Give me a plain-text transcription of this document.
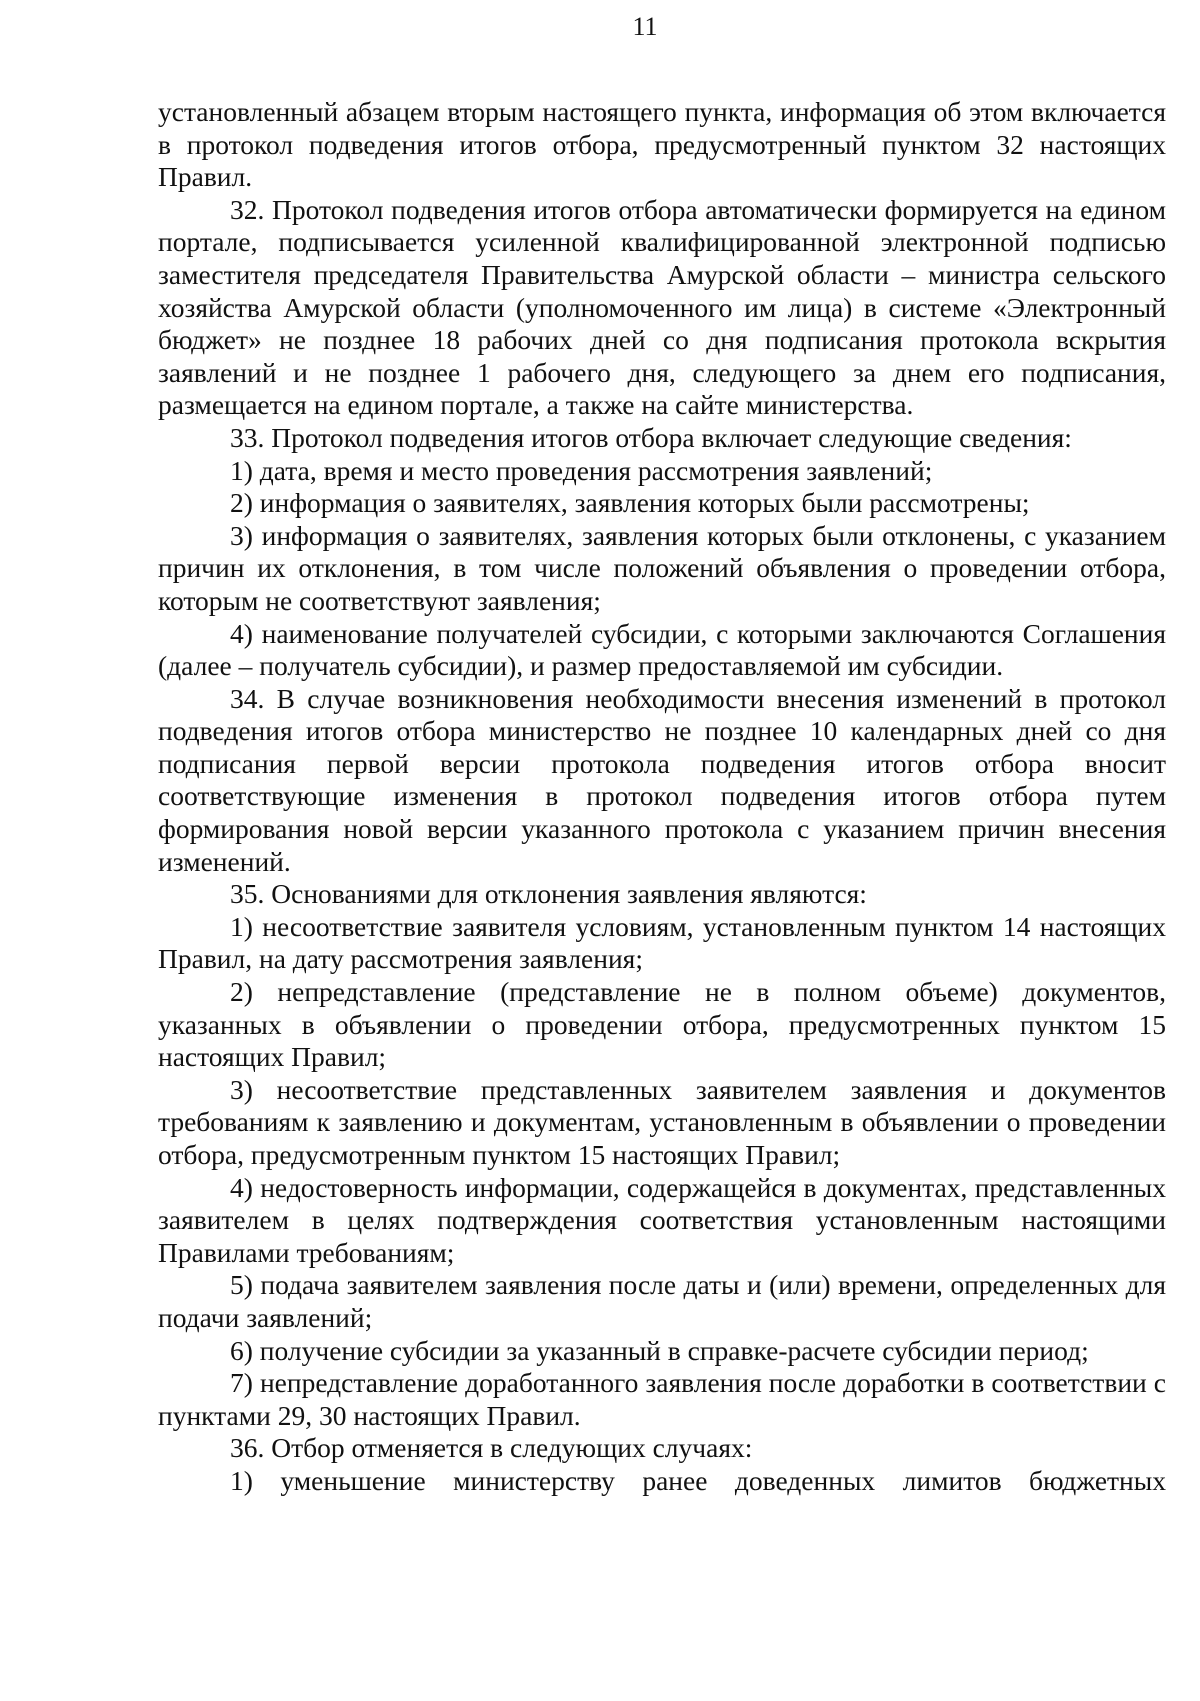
11

установленный абзацем вторым настоящего пункта, информация об этом включается в протокол подведения итогов отбора, предусмотренный пунктом 32 настоящих Правил.

32. Протокол подведения итогов отбора автоматически формируется на едином портале, подписывается усиленной квалифицированной электронной подписью заместителя председателя Правительства Амурской области – министра сельского хозяйства Амурской области (уполномоченного им лица) в системе «Электронный бюджет» не позднее 18 рабочих дней со дня подписания протокола вскрытия заявлений и не позднее 1 рабочего дня, следующего за днем его подписания, размещается на едином портале, а также на сайте министерства.

33. Протокол подведения итогов отбора включает следующие сведения:

1) дата, время и место проведения рассмотрения заявлений;

2) информация о заявителях, заявления которых были рассмотрены;

3) информация о заявителях, заявления которых были отклонены, с указанием причин их отклонения, в том числе положений объявления о проведении отбора, которым не соответствуют заявления;

4) наименование получателей субсидии, с которыми заключаются Соглашения (далее – получатель субсидии), и размер предоставляемой им субсидии.

34. В случае возникновения необходимости внесения изменений в протокол подведения итогов отбора министерство не позднее 10 календарных дней со дня подписания первой версии протокола подведения итогов отбора вносит соответствующие изменения в протокол подведения итогов отбора путем формирования новой версии указанного протокола с указанием причин внесения изменений.

35. Основаниями для отклонения заявления являются:

1) несоответствие заявителя условиям, установленным пунктом 14 настоящих Правил, на дату рассмотрения заявления;

2) непредставление (представление не в полном объеме) документов, указанных в объявлении о проведении отбора, предусмотренных пунктом 15 настоящих Правил;

3) несоответствие представленных заявителем заявления и документов требованиям к заявлению и документам, установленным в объявлении о проведении отбора, предусмотренным пунктом 15 настоящих Правил;

4) недостоверность информации, содержащейся в документах, представленных заявителем в целях подтверждения соответствия установленным настоящими Правилами требованиям;

5) подача заявителем заявления после даты и (или) времени, определенных для подачи заявлений;

6) получение субсидии за указанный в справке-расчете субсидии период;

7) непредставление доработанного заявления после доработки в соответствии с пунктами 29, 30 настоящих Правил.

36. Отбор отменяется в следующих случаях:

1) уменьшение министерству ранее доведенных лимитов бюджетных
